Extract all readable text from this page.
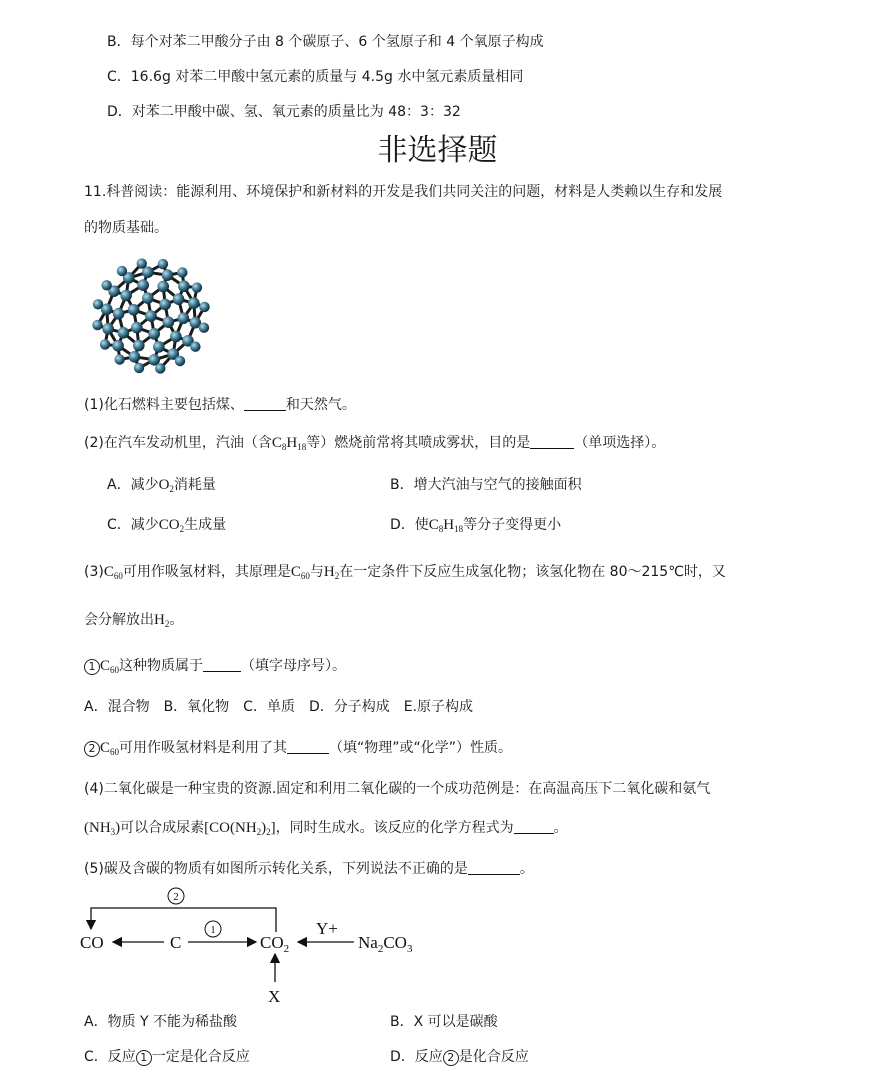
B．每个对苯二甲酸分子由 8 个碳原子、6 个氢原子和 4 个氧原子构成
C．16.6g 对苯二甲酸中氢元素的质量与 4.5g 水中氢元素质量相同
D．对苯二甲酸中碳、氢、氧元素的质量比为 48：3：32
非选择题
11.科普阅读：能源利用、环境保护和新材料的开发是我们共同关注的问题，材料是人类赖以生存和发展
的物质基础。
(1)化石燃料主要包括煤、	和天然气。
(2)在汽车发动机里，汽油（含$C_8H_{18}$等）燃烧前常将其喷成雾状，目的是	（单项选择）。
A．减少$O_2$消耗量	B．增大汽油与空气的接触面积
C．减少$CO_2$生成量	D．使$C_8H_{18}$等分子变得更小
$(3)C_{60}$可用作吸氢材料，其原理是$C_{60}$与$H_2$在一定条件下反应生成氢化物；该氢化物在 80～215℃时，又
会分解放出$H_2$。
1 $C_{60}$这种物质属于	（填字母序号）。
A．混合物　B．氧化物　C．单质　D．分子构成　E.原子构成
2 $C_{60}$可用作吸氢材料是利用了其	（填“物理”或“化学”）性质。
(4)二氧化碳是一种宝贵的资源.固定和利用二氧化碳的一个成功范例是：在高温高压下二氧化碳和氨气
$(NH_3)$可以合成尿素$[CO(NH_2)_2]$，同时生成水。该反应的化学方程式为	。
(5)碳及含碳的物质有如图所示转化关系，下列说法不正确的是	。
2
1
CO	C	$CO_2$
Y+
$Na_2CO_3$
X
A．物质 Y 不能为稀盐酸	B．X 可以是碳酸
C．反应 1 一定是化合反应	D．反应 2 是化合反应
